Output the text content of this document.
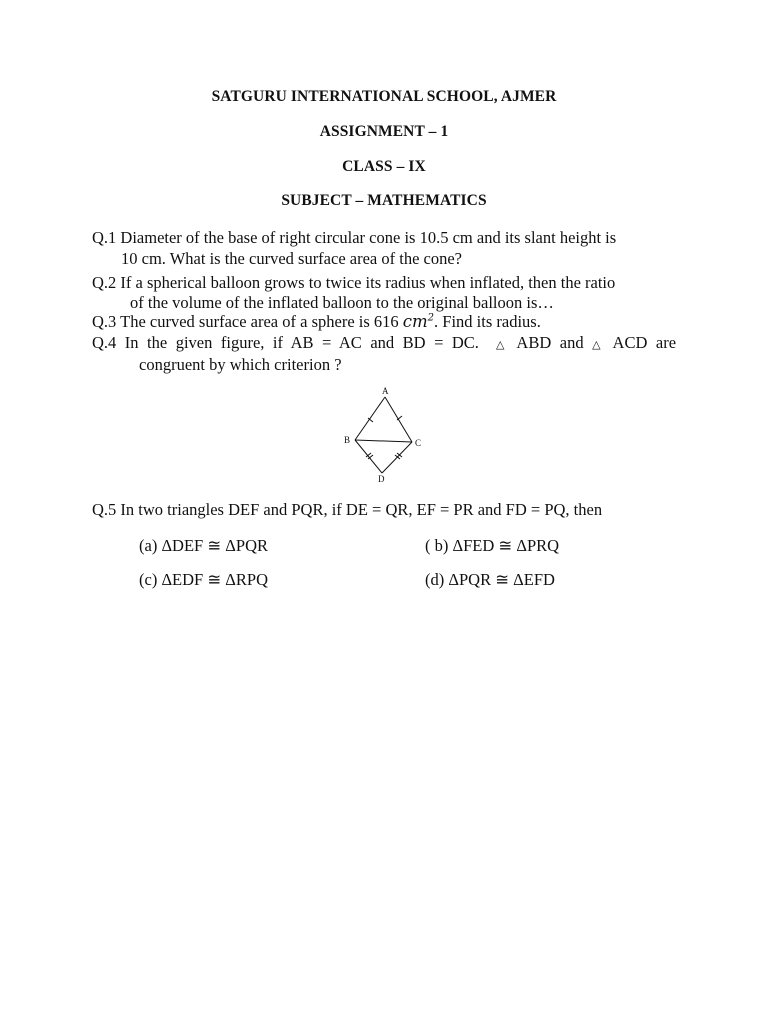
SATGURU INTERNATIONAL SCHOOL, AJMER
ASSIGNMENT – 1
CLASS – IX
SUBJECT – MATHEMATICS
Q.1 Diameter of the base of right circular cone is 10.5 cm and its slant height is
10 cm. What is the curved surface area of the cone?
Q.2 If a spherical balloon grows to twice its radius when inflated, then the ratio
of the volume of the inflated balloon to the original balloon is…
Q.3 The curved surface area of a sphere is 616 $cm^2$. Find its radius.
Q.4 In the given figure, if AB = AC and BD = DC. △ ABD and △ ACD are
congruent by which criterion ?
A
B	C
D
Q.5 In two triangles DEF and PQR, if DE = QR, EF = PR and FD = PQ, then
(a) ΔDEF ≅ ΔPQR	( b) ΔFED ≅ ΔPRQ
(c) ΔEDF ≅ ΔRPQ	(d) ΔPQR ≅ ΔEFD
